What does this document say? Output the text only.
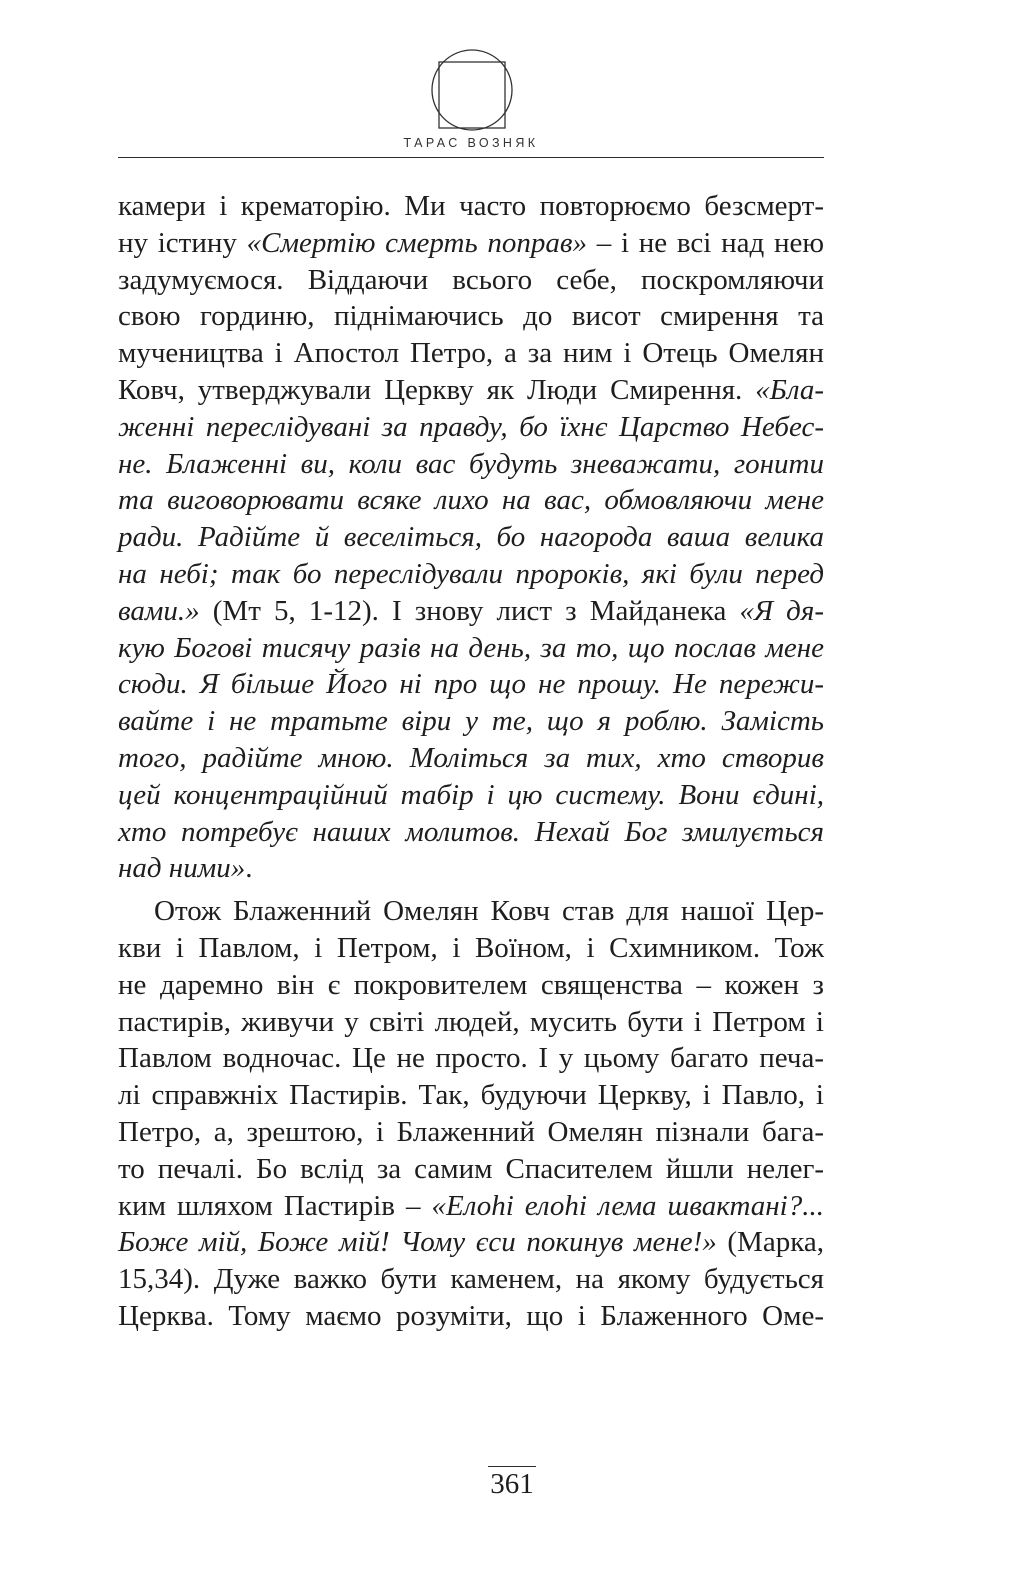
ТАРАС ВОЗНЯК
камери і крематорію. Ми часто повторюємо безсмерт-
ну істину «Смертію смерть поправ» – і не всі над нею
задумуємося. Віддаючи всього себе, поскромляючи
свою гординю, піднімаючись до висот смирення та
мучеництва і Апостол Петро, а за ним і Отець Омелян
Ковч, утверджували Церкву як Люди Смирення. «Бла-
женні переслідувані за правду, бо їхнє Царство Небес-
не. Блаженні ви, коли вас будуть зневажати, гонити
та виговорювати всяке лихо на вас, обмовляючи мене
ради. Радійте й веселіться, бо нагорода ваша велика
на небі; так бо переслідували пророків, які були перед
вами.» (Мт 5, 1-12). І знову лист з Майданека «Я дя-
кую Богові тисячу разів на день, за то, що послав мене
сюди. Я більше Його ні про що не прошу. Не пережи-
вайте і не тратьте віри у те, що я роблю. Замість
того, радійте мною. Моліться за тих, хто створив
цей концентраційний табір і цю систему. Вони єдині,
хто потребує наших молитов. Нехай Бог змилується
над ними».
Отож Блаженний Омелян Ковч став для нашої Цер-
кви і Павлом, і Петром, і Воїном, і Схимником. Тож
не даремно він є покровителем священства – кожен з
пастирів, живучи у світі людей, мусить бути і Петром і
Павлом водночас. Це не просто. І у цьому багато печа-
лі справжніх Пастирів. Так, будуючи Церкву, і Павло, і
Петро, а, зрештою, і Блаженний Омелян пізнали бага-
то печалі. Бо вслід за самим Спасителем йшли нелег-
ким шляхом Пастирів – «Елоhі елоhі лема швактані?...
Боже мій, Боже мій! Чому єси покинув мене!» (Марка,
15,34). Дуже важко бути каменем, на якому будується
Церква. Тому маємо розуміти, що і Блаженного Оме-
361
